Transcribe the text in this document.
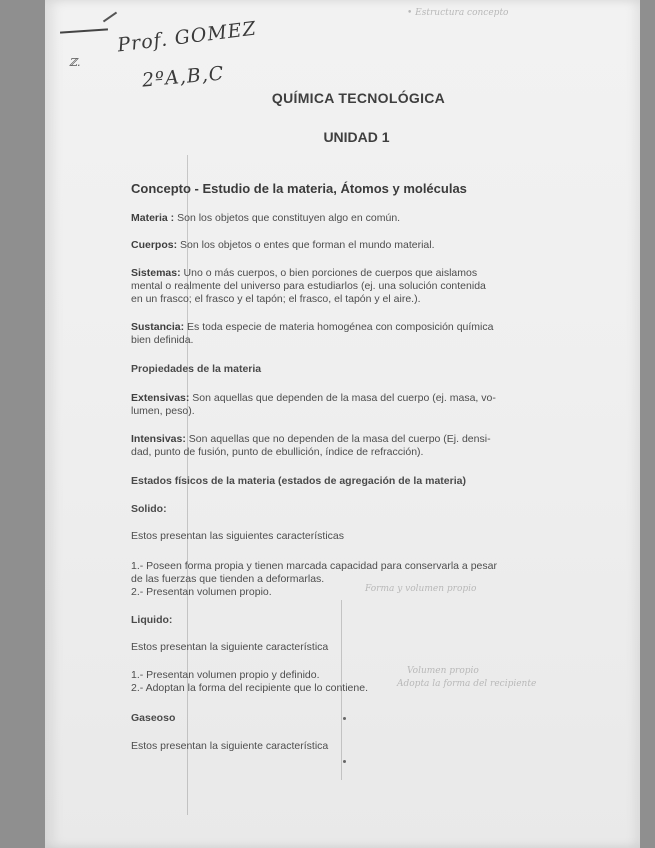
ℤ.
Prof. GOMEZ
2ºA,B,C
• Estructura concepto
Forma y volumen propio
Volumen propio
Adopta la forma del recipiente
QUÍMICA TECNOLÓGICA
UNIDAD 1
Concepto - Estudio de la materia, Átomos y moléculas
Materia : Son los objetos que constituyen algo en común.
Cuerpos: Son los objetos o entes que forman el mundo material.
Sistemas: Uno o más cuerpos, o bien porciones de cuerpos que aislamos
mental o realmente del universo para estudiarlos (ej. una solución contenida
en un frasco; el frasco y el tapón; el frasco, el tapón y el aire.).
Sustancia: Es toda especie de materia homogénea con composición química
bien definida.
Propiedades de la materia
Extensivas: Son aquellas que dependen de la masa del cuerpo (ej. masa, vo-
lumen, peso).
Intensivas: Son aquellas que no dependen de la masa del cuerpo (Ej. densi-
dad, punto de fusión, punto de ebullición, índice de refracción).
Estados físicos de la materia (estados de agregación de la materia)
Solido:
Estos presentan las siguientes características
1.- Poseen forma propia y tienen marcada capacidad para conservarla a pesar
de las fuerzas que tienden a deformarlas.
2.- Presentan volumen propio.
Liquido:
Estos presentan la siguiente característica
1.- Presentan volumen propio y definido.
2.- Adoptan la forma del recipiente que lo contiene.
Gaseoso
Estos presentan la siguiente característica
